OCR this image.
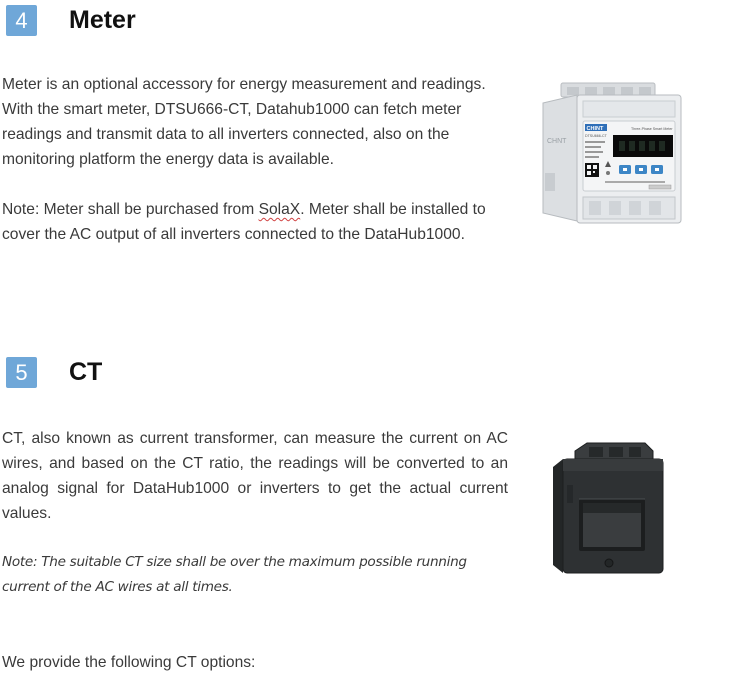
4	Meter

Meter is an optional accessory for energy measurement and readings. With the smart meter, DTSU666-CT, Datahub1000 can fetch meter readings and transmit data to all inverters connected, also on the monitoring platform the energy data is available.

Note: Meter shall be purchased from SolaX. Meter shall be installed to cover the AC output of all inverters connected to the DataHub1000.

CHNT
CHINT	Three-Phase Smart Meter
DTSU666-CT
5	CT

CT, also known as current transformer, can measure the current on AC wires, and based on the CT ratio, the readings will be converted to an analog signal for DataHub1000 or inverters to get the actual current values.

Note: The suitable CT size shall be over the maximum possible running current of the AC wires at all times.

We provide the following CT options:
